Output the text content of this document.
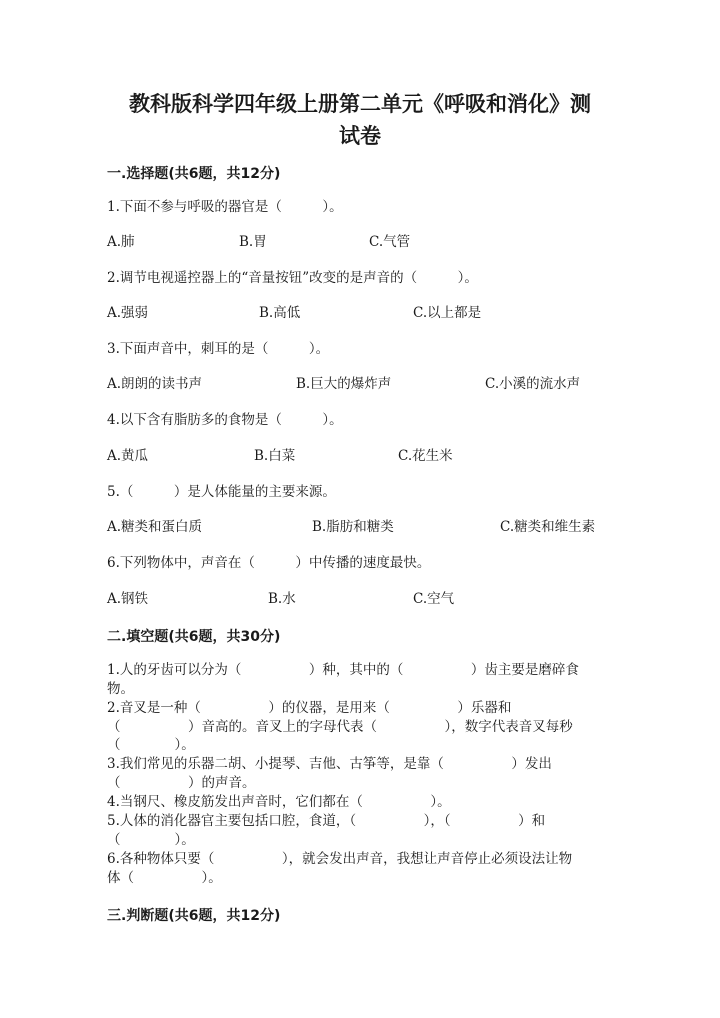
教科版科学四年级上册第二单元《呼吸和消化》测
试卷
一.选择题(共6题，共12分)
1.下面不参与呼吸的器官是（　　　）。
A.肺	B.胃	C.气管
2.调节电视遥控器上的“音量按钮”改变的是声音的（　　　）。
A.强弱	B.高低	C.以上都是
3.下面声音中，刺耳的是（　　　）。
A.朗朗的读书声	B.巨大的爆炸声	C.小溪的流水声
4.以下含有脂肪多的食物是（　　　）。
A.黄瓜	B.白菜	C.花生米
5.（　　　）是人体能量的主要来源。
A.糖类和蛋白质	B.脂肪和糖类	C.糖类和维生素
6.下列物体中，声音在（　　　）中传播的速度最快。
A.钢铁	B.水	C.空气
二.填空题(共6题，共30分)
1.人的牙齿可以分为（　　　　　）种，其中的（　　　　　）齿主要是磨碎食
物。
2.音叉是一种（　　　　　）的仪器，是用来（　　　　　）乐器和
（　　　　　）音高的。音叉上的字母代表（　　　　　），数字代表音叉每秒
（　　　　）。
3.我们常见的乐器二胡、小提琴、吉他、古筝等，是靠（　　　　　）发出
（　　　　　）的声音。
4.当钢尺、橡皮筋发出声音时，它们都在（　　　　　）。
5.人体的消化器官主要包括口腔，食道，（　　　　　），（　　　　　）和
（　　　　）。
6.各种物体只要（　　　　　），就会发出声音，我想让声音停止必须设法让物
体（　　　　　）。
三.判断题(共6题，共12分)
